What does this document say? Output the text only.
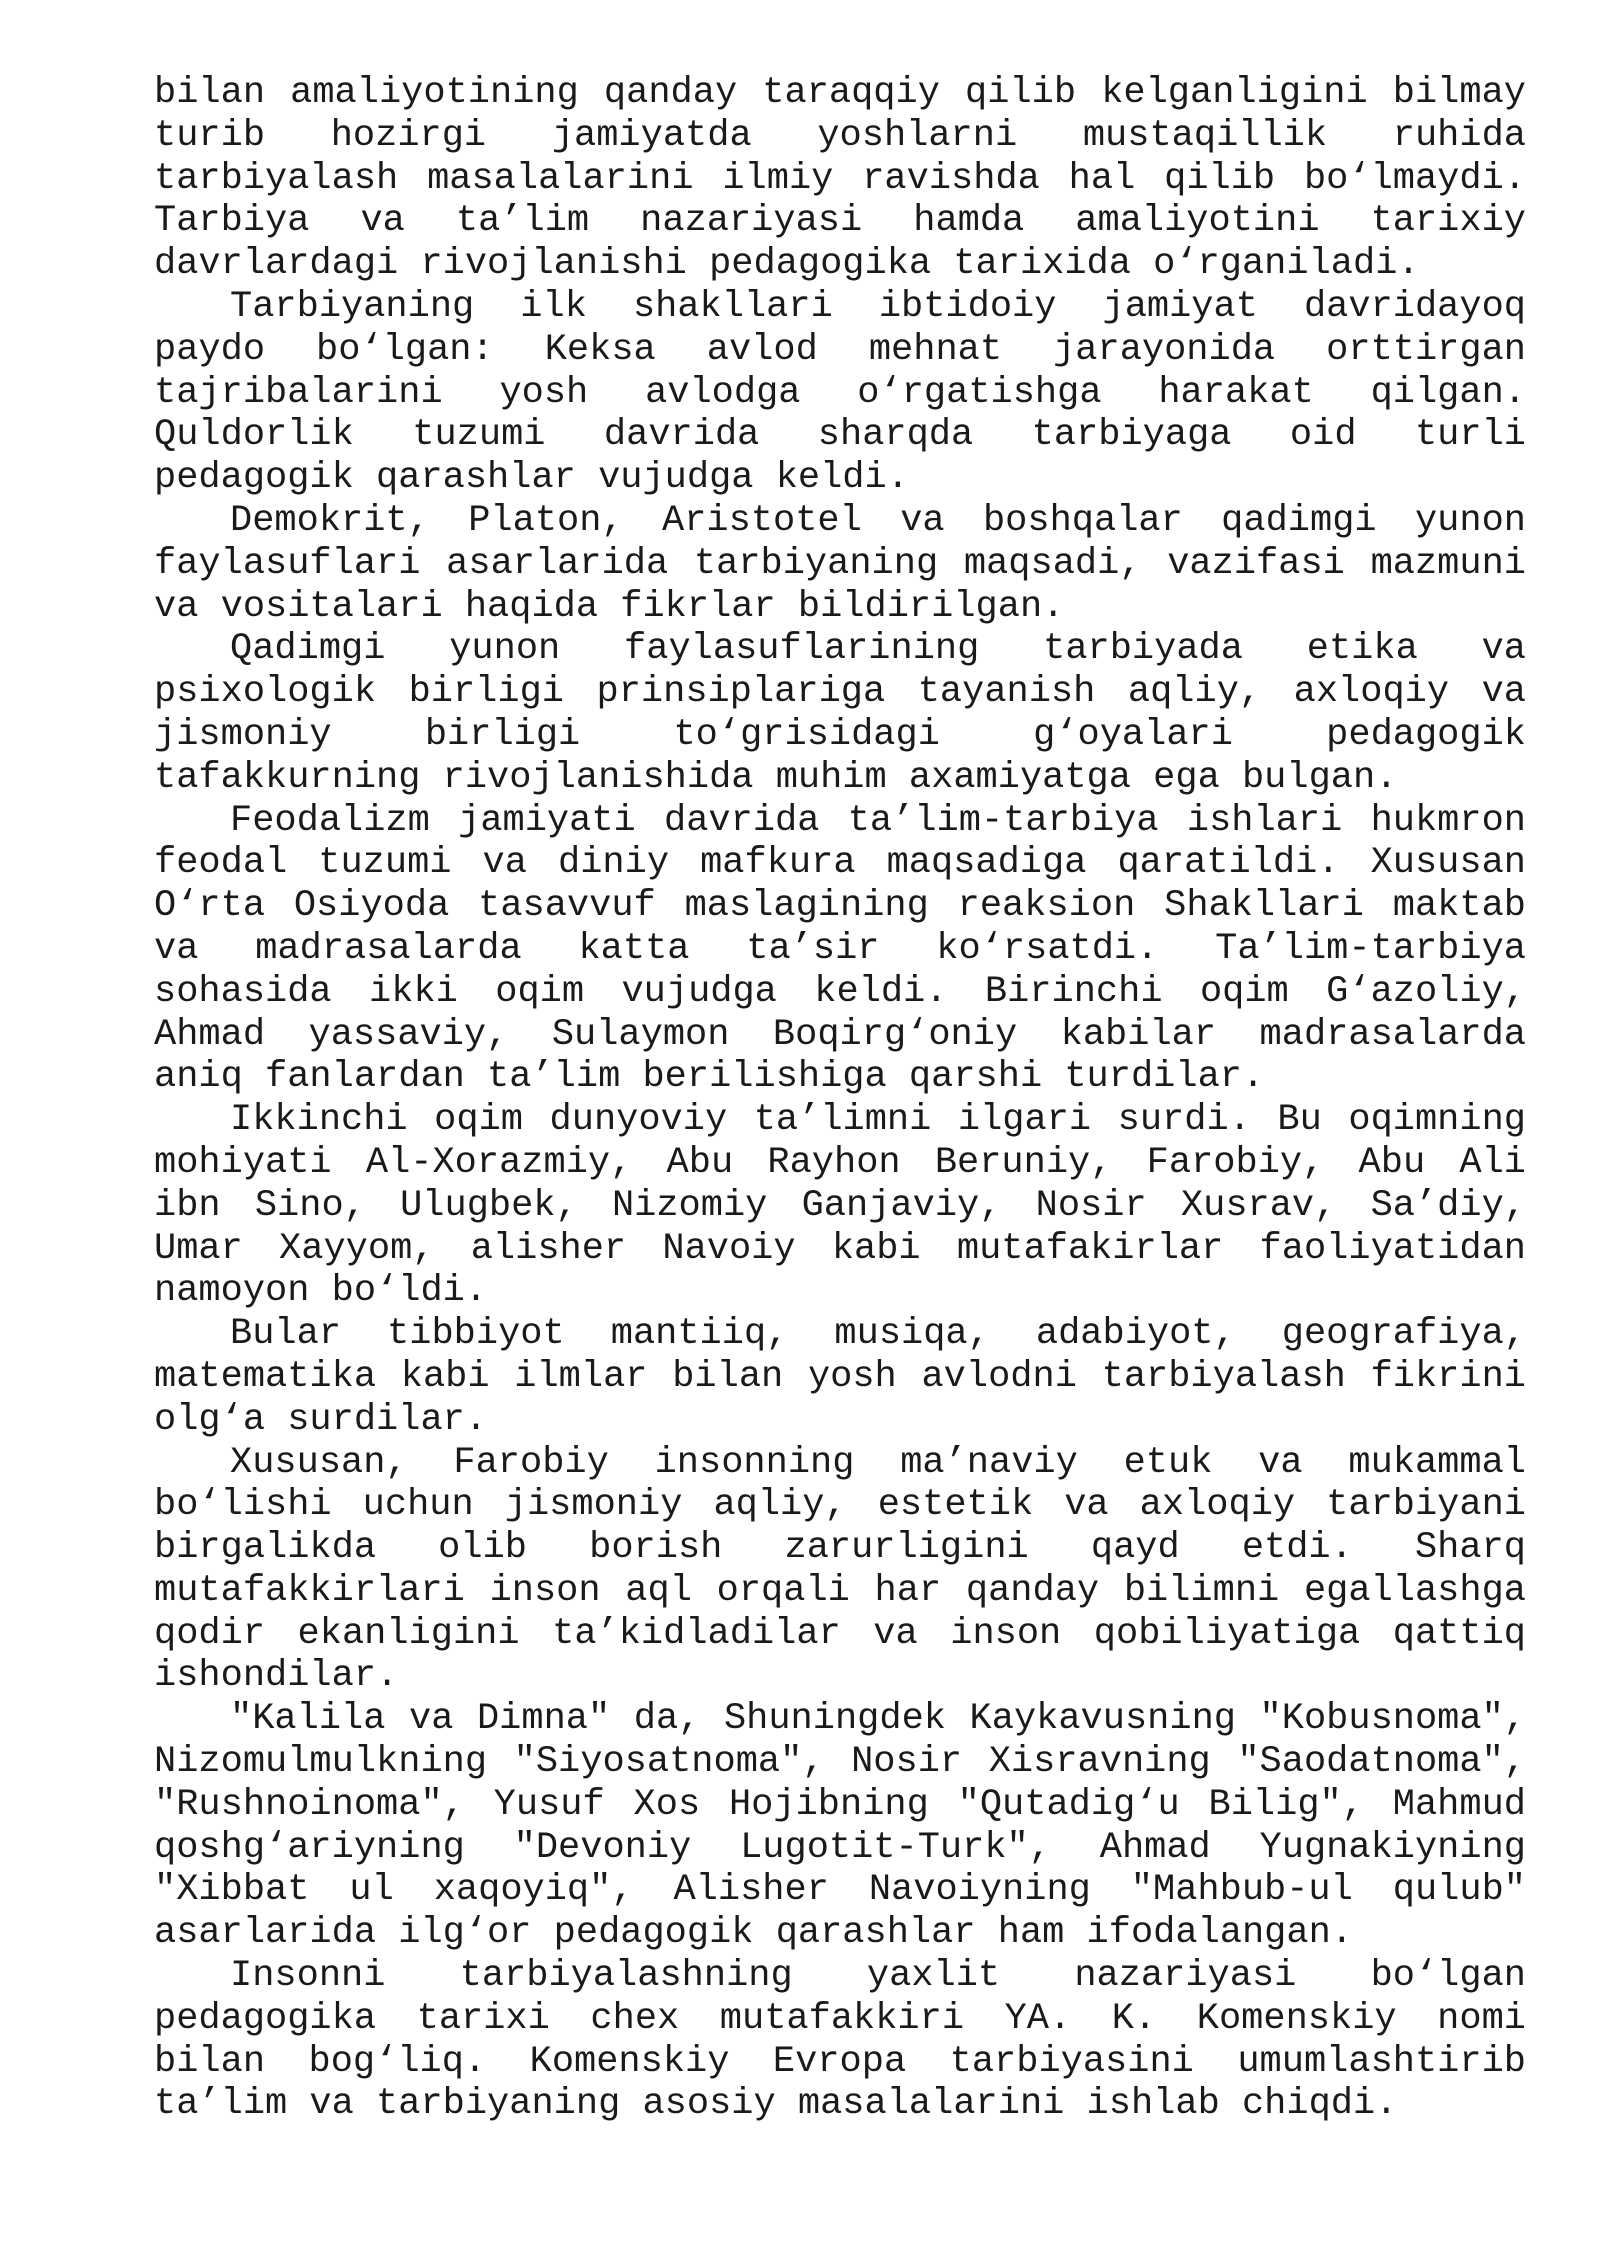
bilan amaliyotining qanday taraqqiy qilib kelganligini bilmay turib hozirgi jamiyatda yoshlarni mustaqillik ruhida tarbiyalash masalalarini ilmiy ravishda hal qilib bo‘lmaydi. Tarbiya va ta’lim nazariyasi hamda amaliyotini tarixiy davrlardagi rivojlanishi pedagogika tarixida o‘rganiladi.

Tarbiyaning ilk shakllari ibtidoiy jamiyat davridayoq paydo bo‘lgan: Keksa avlod mehnat jarayonida orttirgan tajribalarini yosh avlodga o‘rgatishga harakat qilgan. Quldorlik tuzumi davrida sharqda tarbiyaga oid turli pedagogik qarashlar vujudga keldi.

Demokrit, Platon, Aristotel va boshqalar qadimgi yunon faylasuflari asarlarida tarbiyaning maqsadi, vazifasi mazmuni va vositalari haqida fikrlar bildirilgan.

Qadimgi yunon faylasuflarining tarbiyada etika va psixologik birligi prinsiplariga tayanish aqliy, axloqiy va jismoniy birligi to‘grisidagi g‘oyalari pedagogik tafakkurning rivojlanishida muhim axamiyatga ega bulgan.

Feodalizm jamiyati davrida ta’lim-tarbiya ishlari hukmron feodal tuzumi va diniy mafkura maqsadiga qaratildi. Xususan O‘rta Osiyoda tasavvuf maslagining reaksion Shakllari maktab va madrasalarda katta ta’sir ko‘rsatdi. Ta’lim-tarbiya sohasida ikki oqim vujudga keldi. Birinchi oqim G‘azoliy, Ahmad yassaviy, Sulaymon Boqirg‘oniy kabilar madrasalarda aniq fanlardan ta’lim berilishiga qarshi turdilar.

Ikkinchi oqim dunyoviy ta’limni ilgari surdi. Bu oqimning mohiyati Al-Xorazmiy, Abu Rayhon Beruniy, Farobiy, Abu Ali ibn Sino, Ulugbek, Nizomiy Ganjaviy, Nosir Xusrav, Sa’diy, Umar Xayyom, alisher Navoiy kabi mutafakirlar faoliyatidan namoyon bo‘ldi.

Bular tibbiyot mantiiq, musiqa, adabiyot, geografiya, matematika kabi ilmlar bilan yosh avlodni tarbiyalash fikrini olg‘a surdilar.

Xususan, Farobiy insonning ma’naviy etuk va mukammal bo‘lishi uchun jismoniy aqliy, estetik va axloqiy tarbiyani birgalikda olib borish zarurligini qayd etdi. Sharq mutafakkirlari inson aql orqali har qanday bilimni egallashga qodir ekanligini ta’kidladilar va inson qobiliyatiga qattiq ishondilar.

"Kalila va Dimna" da, Shuningdek Kaykavusning "Kobusnoma", Nizomulmulkning "Siyosatnoma", Nosir Xisravning "Saodatnoma", "Rushnoinoma", Yusuf Xos Hojibning "Qutadig‘u Bilig", Mahmud qoshg‘ariyning "Devoniy Lugotit-Turk", Ahmad Yugnakiyning "Xibbat ul xaqoyiq", Alisher Navoiyning "Mahbub-ul qulub" asarlarida ilg‘or pedagogik qarashlar ham ifodalangan.

Insonni tarbiyalashning yaxlit nazariyasi bo‘lgan pedagogika tarixi chex mutafakkiri YA. K. Komenskiy nomi bilan bog‘liq. Komenskiy Evropa tarbiyasini umumlashtirib ta’lim va tarbiyaning asosiy masalalarini ishlab chiqdi.
